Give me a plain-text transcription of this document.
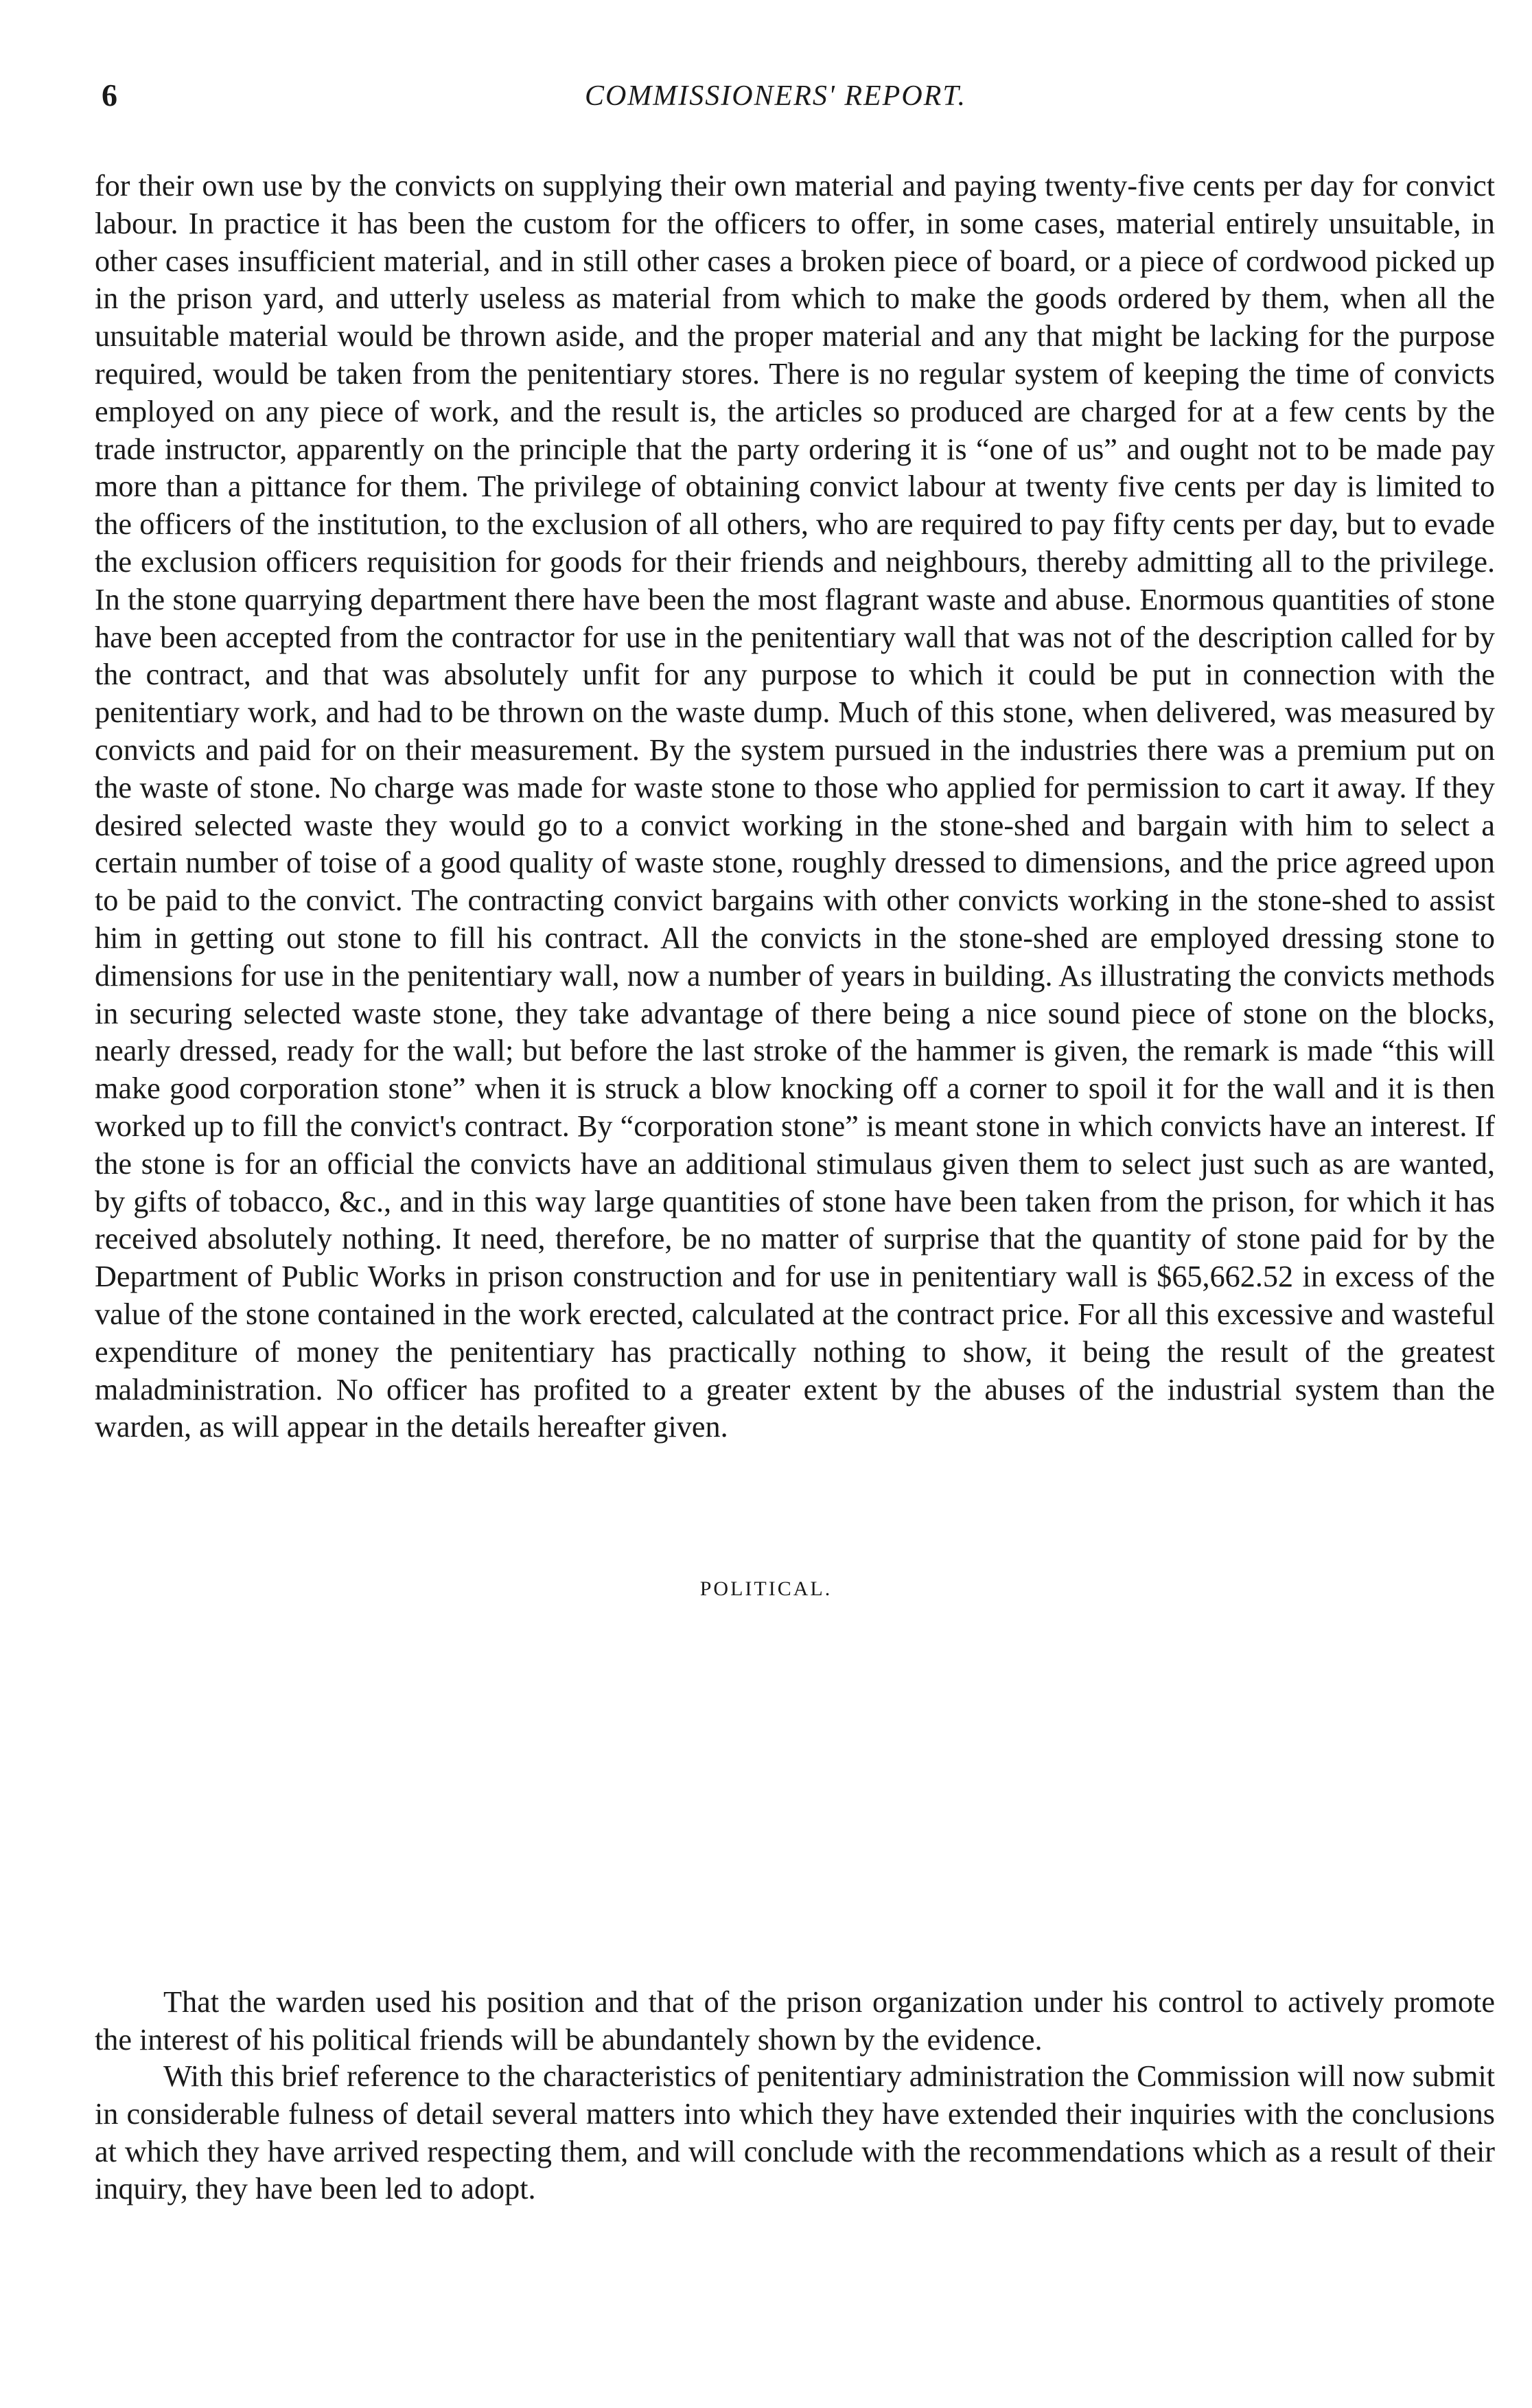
6	COMMISSIONERS' REPORT.

for their own use by the convicts on supplying their own material and paying twenty-five cents per day for convict labour. In practice it has been the custom for the officers to offer, in some cases, material entirely unsuitable, in other cases insufficient material, and in still other cases a broken piece of board, or a piece of cordwood picked up in the prison yard, and utterly useless as material from which to make the goods ordered by them, when all the unsuitable material would be thrown aside, and the proper material and any that might be lacking for the purpose required, would be taken from the penitentiary stores. There is no regular system of keeping the time of convicts employed on any piece of work, and the result is, the articles so produced are charged for at a few cents by the trade instructor, apparently on the principle that the party ordering it is “one of us” and ought not to be made pay more than a pittance for them. The privilege of obtaining convict labour at twenty five cents per day is limited to the officers of the institution, to the exclusion of all others, who are required to pay fifty cents per day, but to evade the exclusion officers requisition for goods for their friends and neighbours, thereby admitting all to the privilege. In the stone quarrying department there have been the most flagrant waste and abuse. Enormous quantities of stone have been accepted from the contractor for use in the penitentiary wall that was not of the description called for by the contract, and that was absolutely unfit for any purpose to which it could be put in connection with the penitentiary work, and had to be thrown on the waste dump. Much of this stone, when delivered, was measured by convicts and paid for on their measurement. By the system pursued in the industries there was a premium put on the waste of stone. No charge was made for waste stone to those who applied for permission to cart it away. If they desired selected waste they would go to a convict working in the stone-shed and bargain with him to select a certain number of toise of a good quality of waste stone, roughly dressed to dimensions, and the price agreed upon to be paid to the convict. The contracting convict bargains with other convicts working in the stone-shed to assist him in getting out stone to fill his contract. All the convicts in the stone-shed are employed dressing stone to dimensions for use in the penitentiary wall, now a number of years in building. As illustrating the convicts methods in securing selected waste stone, they take advantage of there being a nice sound piece of stone on the blocks, nearly dressed, ready for the wall; but before the last stroke of the hammer is given, the remark is made “this will make good corporation stone” when it is struck a blow knocking off a corner to spoil it for the wall and it is then worked up to fill the convict's contract. By “corporation stone” is meant stone in which convicts have an interest. If the stone is for an official the convicts have an additional stimulaus given them to select just such as are wanted, by gifts of tobacco, &c., and in this way large quantities of stone have been taken from the prison, for which it has received absolutely nothing. It need, therefore, be no matter of surprise that the quantity of stone paid for by the Department of Public Works in prison construction and for use in penitentiary wall is $65,662.52 in excess of the value of the stone contained in the work erected, calculated at the contract price. For all this excessive and wasteful expenditure of money the penitentiary has practically nothing to show, it being the result of the greatest maladministration. No officer has profited to a greater extent by the abuses of the industrial system than the warden, as will appear in the details hereafter given.

POLITICAL.

That the warden used his position and that of the prison organization under his control to actively promote the interest of his political friends will be abundantely shown by the evidence.

With this brief reference to the characteristics of penitentiary administration the Commission will now submit in considerable fulness of detail several matters into which they have extended their inquiries with the conclusions at which they have arrived respecting them, and will conclude with the recommendations which as a result of their inquiry, they have been led to adopt.
